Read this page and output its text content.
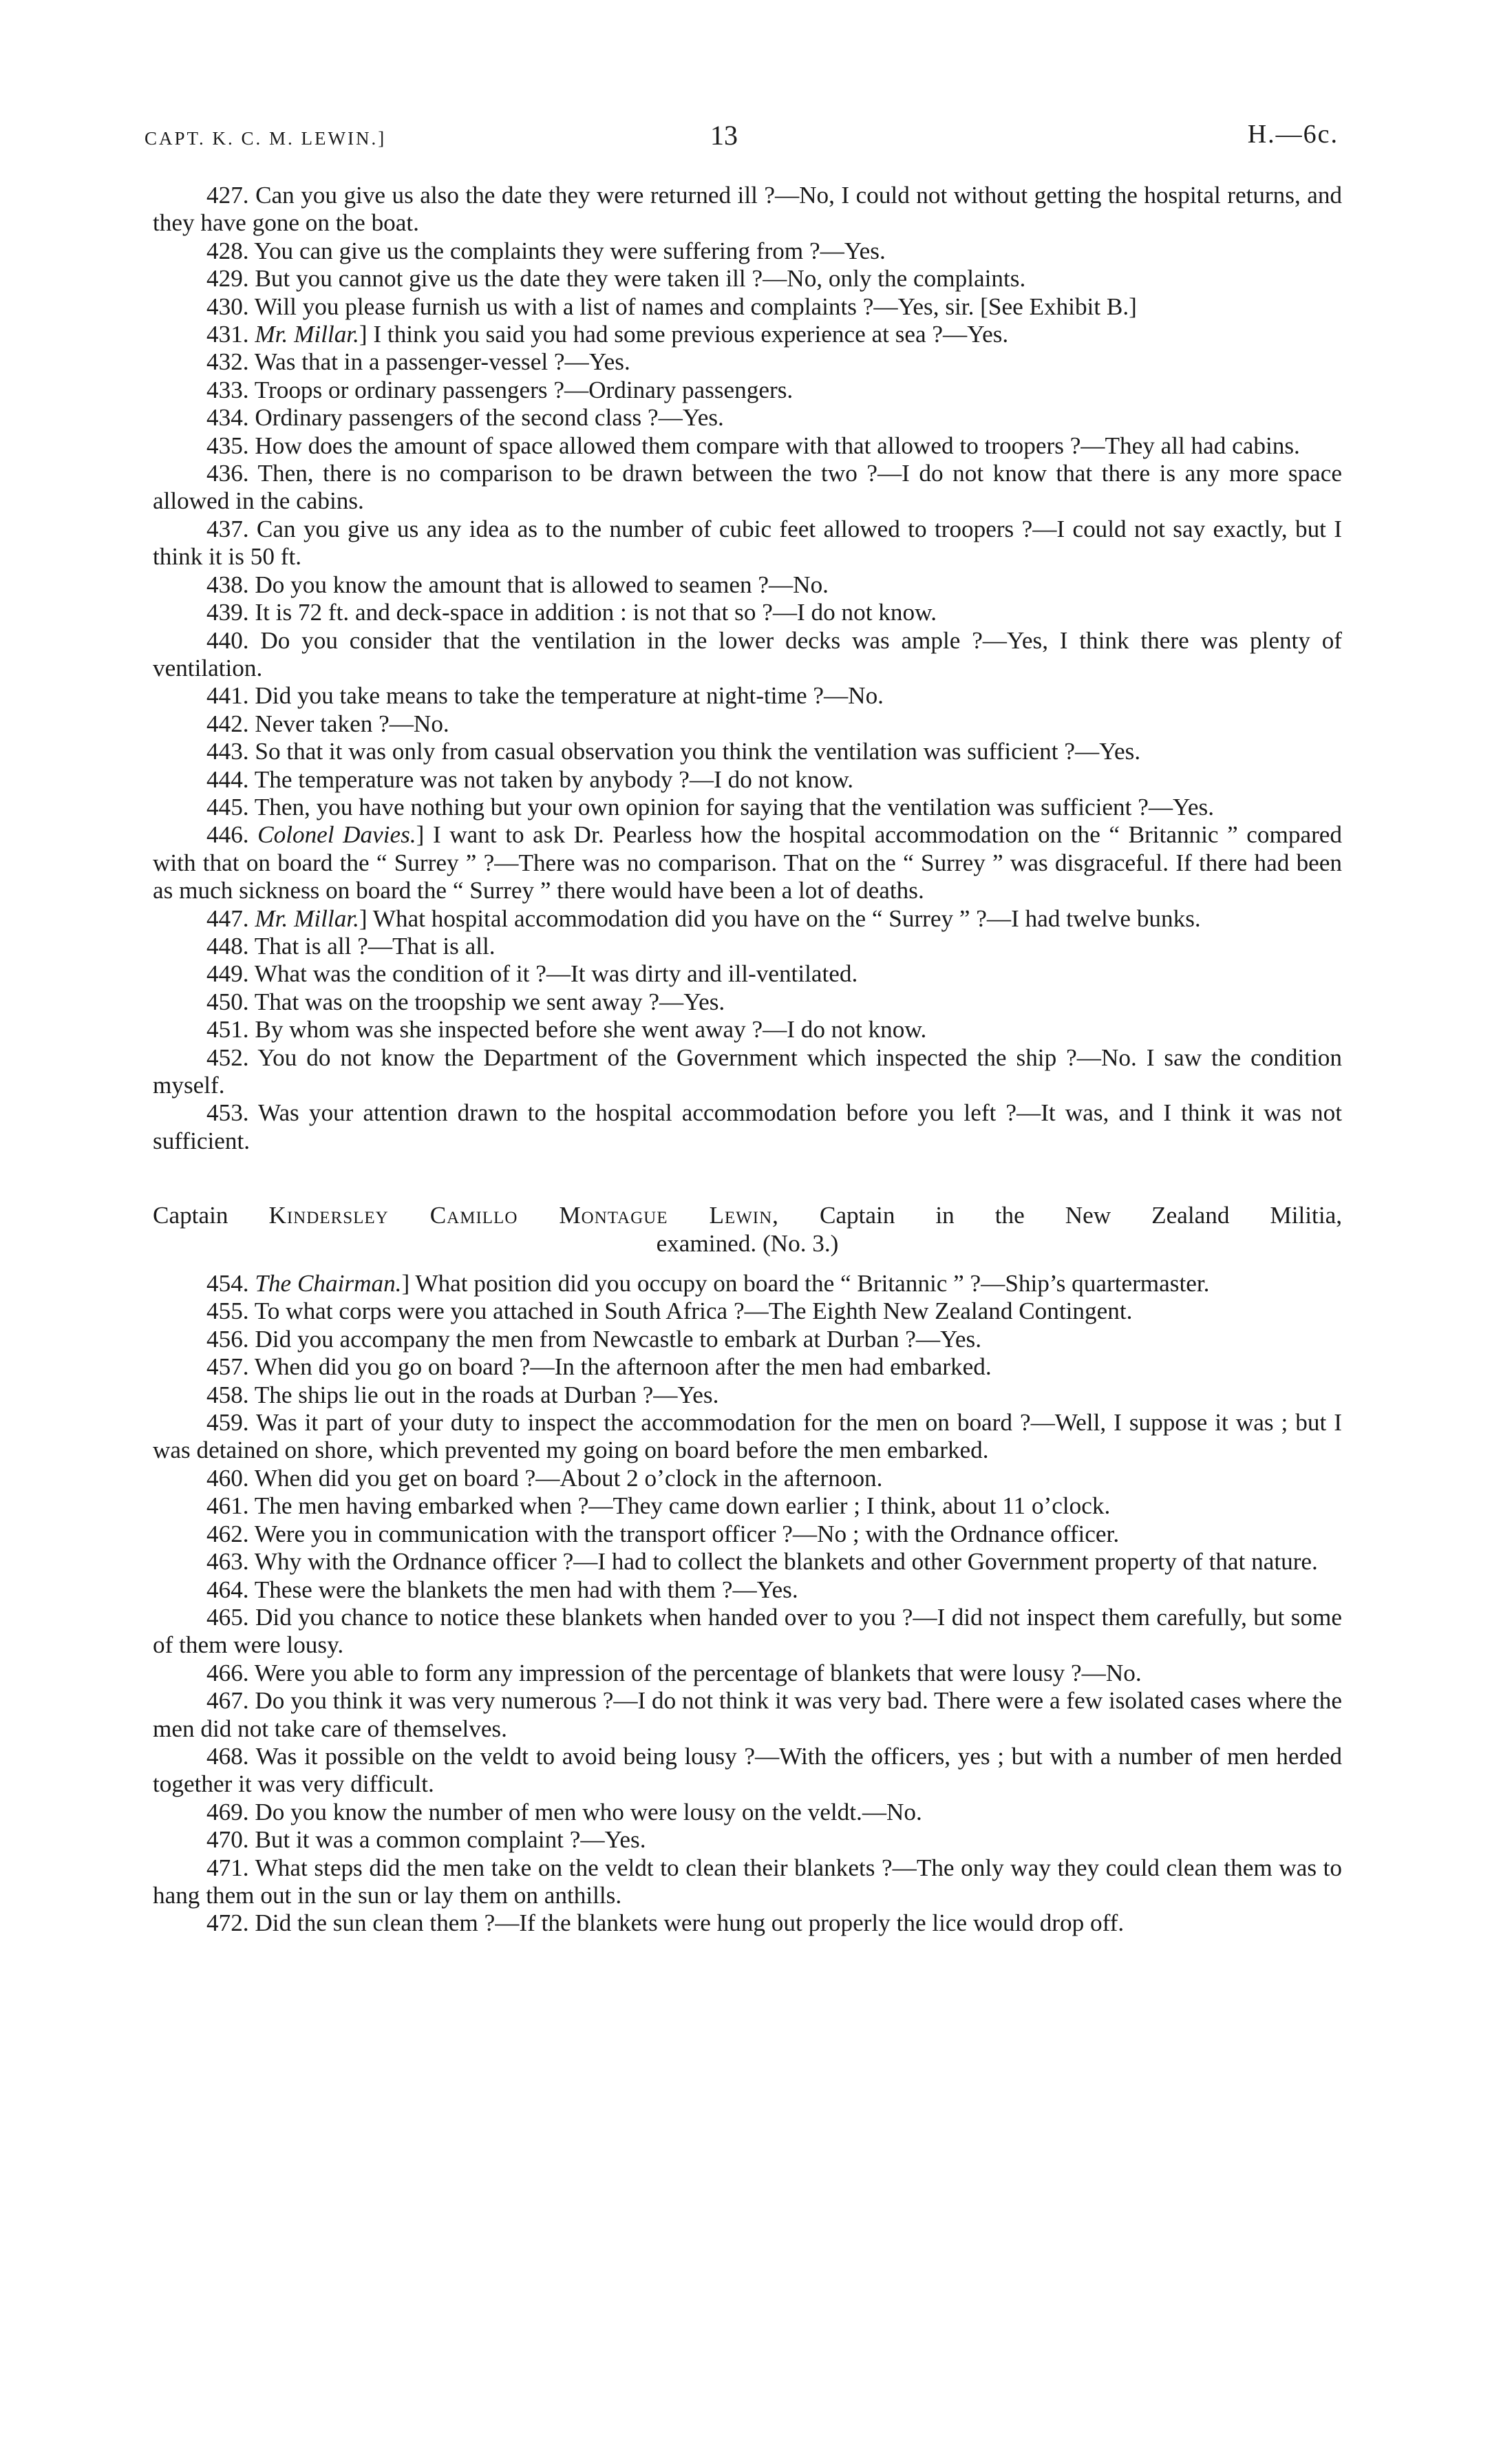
CAPT. K. C. M. LEWIN.]	13	H.—6c.

427. Can you give us also the date they were returned ill ?—No, I could not without getting the hospital returns, and they have gone on the boat.

428. You can give us the complaints they were suffering from ?—Yes.

429. But you cannot give us the date they were taken ill ?—No, only the complaints.

430. Will you please furnish us with a list of names and complaints ?—Yes, sir. [See Exhibit B.]

431. Mr. Millar.] I think you said you had some previous experience at sea ?—Yes.

432. Was that in a passenger-vessel ?—Yes.

433. Troops or ordinary passengers ?—Ordinary passengers.

434. Ordinary passengers of the second class ?—Yes.

435. How does the amount of space allowed them compare with that allowed to troopers ?—They all had cabins.

436. Then, there is no comparison to be drawn between the two ?—I do not know that there is any more space allowed in the cabins.

437. Can you give us any idea as to the number of cubic feet allowed to troopers ?—I could not say exactly, but I think it is 50 ft.

438. Do you know the amount that is allowed to seamen ?—No.

439. It is 72 ft. and deck-space in addition : is not that so ?—I do not know.

440. Do you consider that the ventilation in the lower decks was ample ?—Yes, I think there was plenty of ventilation.

441. Did you take means to take the temperature at night-time ?—No.

442. Never taken ?—No.

443. So that it was only from casual observation you think the ventilation was sufficient ?—Yes.

444. The temperature was not taken by anybody ?—I do not know.

445. Then, you have nothing but your own opinion for saying that the ventilation was sufficient ?—Yes.

446. Colonel Davies.] I want to ask Dr. Pearless how the hospital accommodation on the “ Britannic ” compared with that on board the “ Surrey ” ?—There was no comparison. That on the “ Surrey ” was disgraceful. If there had been as much sickness on board the “ Surrey ” there would have been a lot of deaths.

447. Mr. Millar.] What hospital accommodation did you have on the “ Surrey ” ?—I had twelve bunks.

448. That is all ?—That is all.

449. What was the condition of it ?—It was dirty and ill-ventilated.

450. That was on the troopship we sent away ?—Yes.

451. By whom was she inspected before she went away ?—I do not know.

452. You do not know the Department of the Government which inspected the ship ?—No. I saw the condition myself.

453. Was your attention drawn to the hospital accommodation before you left ?—It was, and I think it was not sufficient.

Captain Kindersley Camillo Montague Lewin, Captain in the New Zealand Militia,

examined. (No. 3.)

454. The Chairman.] What position did you occupy on board the “ Britannic ” ?—Ship’s quartermaster.

455. To what corps were you attached in South Africa ?—The Eighth New Zealand Contingent.

456. Did you accompany the men from Newcastle to embark at Durban ?—Yes.

457. When did you go on board ?—In the afternoon after the men had embarked.

458. The ships lie out in the roads at Durban ?—Yes.

459. Was it part of your duty to inspect the accommodation for the men on board ?—Well, I suppose it was ; but I was detained on shore, which prevented my going on board before the men embarked.

460. When did you get on board ?—About 2 o’clock in the afternoon.

461. The men having embarked when ?—They came down earlier ; I think, about 11 o’clock.

462. Were you in communication with the transport officer ?—No ; with the Ordnance officer.

463. Why with the Ordnance officer ?—I had to collect the blankets and other Government property of that nature.

464. These were the blankets the men had with them ?—Yes.

465. Did you chance to notice these blankets when handed over to you ?—I did not inspect them carefully, but some of them were lousy.

466. Were you able to form any impression of the percentage of blankets that were lousy ?—No.

467. Do you think it was very numerous ?—I do not think it was very bad. There were a few isolated cases where the men did not take care of themselves.

468. Was it possible on the veldt to avoid being lousy ?—With the officers, yes ; but with a number of men herded together it was very difficult.

469. Do you know the number of men who were lousy on the veldt.—No.

470. But it was a common complaint ?—Yes.

471. What steps did the men take on the veldt to clean their blankets ?—The only way they could clean them was to hang them out in the sun or lay them on anthills.

472. Did the sun clean them ?—If the blankets were hung out properly the lice would drop off.
